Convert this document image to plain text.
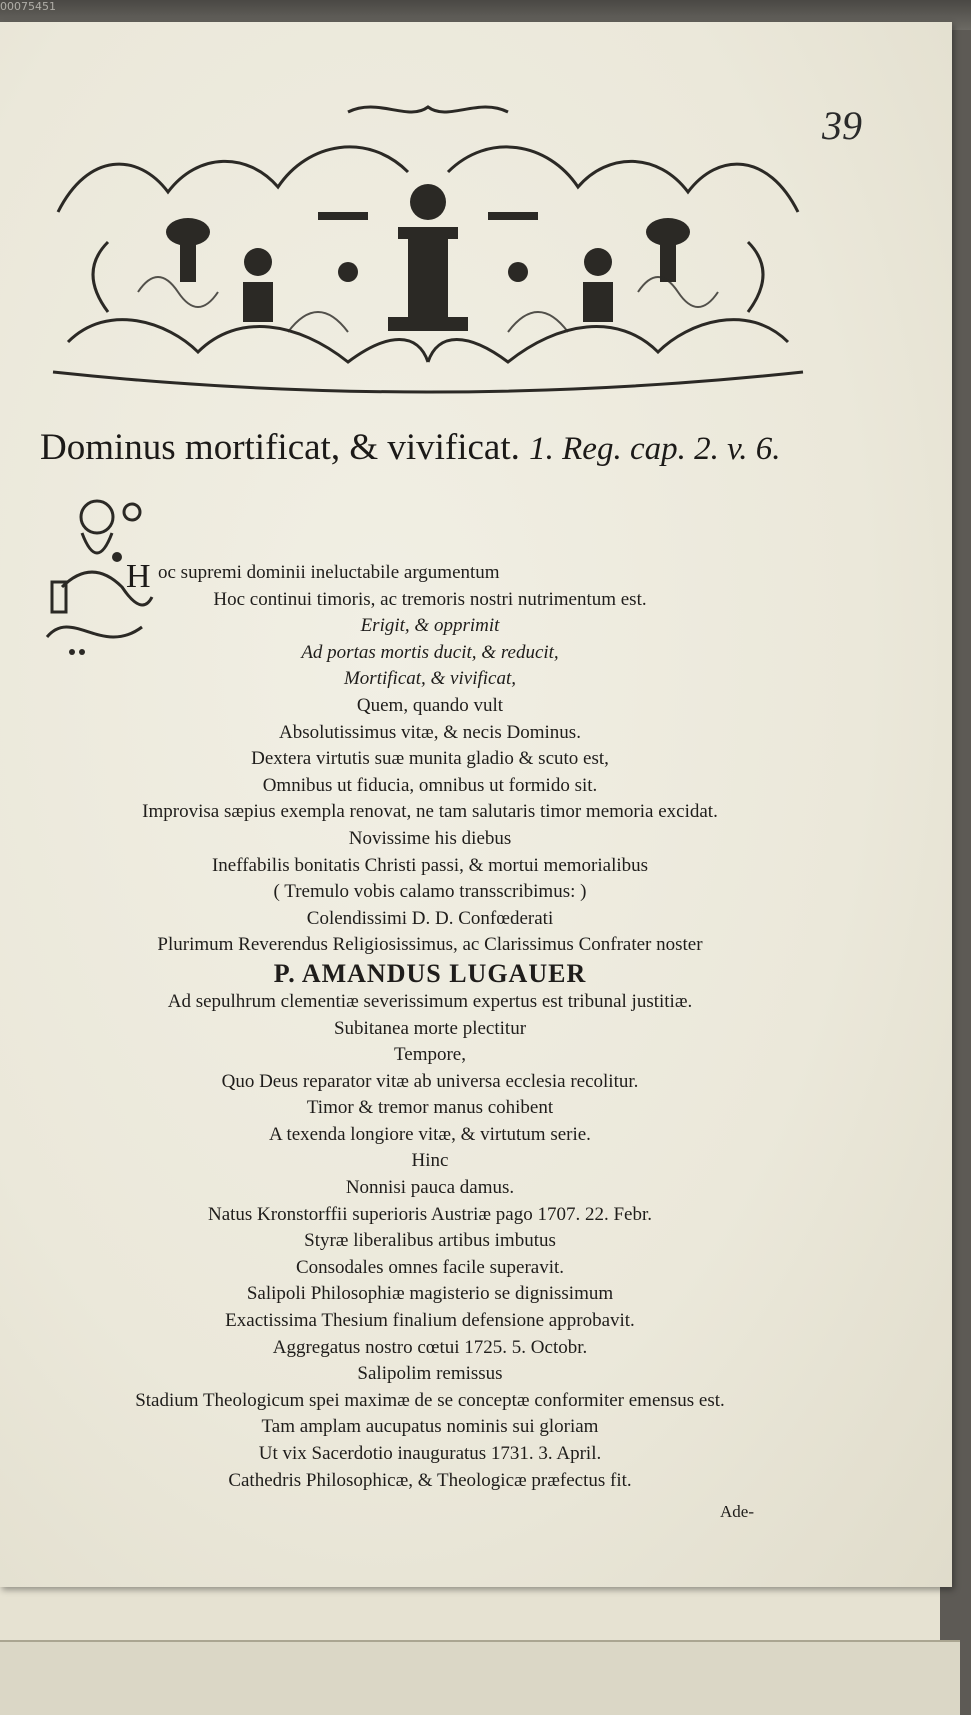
00075451
39
Dominus mortificat, & vivificat. 1. Reg. cap. 2. v. 6.
H oc supremi dominii ineluctabile argumentum
Hoc continui timoris, ac tremoris nostri nutrimentum est.
Erigit, & opprimit
Ad portas mortis ducit, & reducit,
Mortificat, & vivificat,
Quem, quando vult
Absolutissimus vitæ, & necis Dominus.
Dextera virtutis suæ munita gladio & scuto est,
Omnibus ut fiducia, omnibus ut formido sit.
Improvisa sæpius exempla renovat, ne tam salutaris timor memoria excidat.
Novissime his diebus
Ineffabilis bonitatis Christi passi, & mortui memorialibus
( Tremulo vobis calamo transscribimus: )
Colendissimi D. D. Confœderati
Plurimum Reverendus Religiosissimus, ac Clarissimus Confrater noster
P. AMANDUS LUGAUER
Ad sepulhrum clementiæ severissimum expertus est tribunal justitiæ.
Subitanea morte plectitur
Tempore,
Quo Deus reparator vitæ ab universa ecclesia recolitur.
Timor & tremor manus cohibent
A texenda longiore vitæ, & virtutum serie.
Hinc
Nonnisi pauca damus.
Natus Kronstorffii superioris Austriæ pago 1707. 22. Febr.
Styræ liberalibus artibus imbutus
Consodales omnes facile superavit.
Salipoli Philosophiæ magisterio se dignissimum
Exactissima Thesium finalium defensione approbavit.
Aggregatus nostro cœtui 1725. 5. Octobr.
Salipolim remissus
Stadium Theologicum spei maximæ de se conceptæ conformiter emensus est.
Tam amplam aucupatus nominis sui gloriam
Ut vix Sacerdotio inauguratus 1731. 3. April.
Cathedris Philosophicæ, & Theologicæ præfectus fit.
Ade-
